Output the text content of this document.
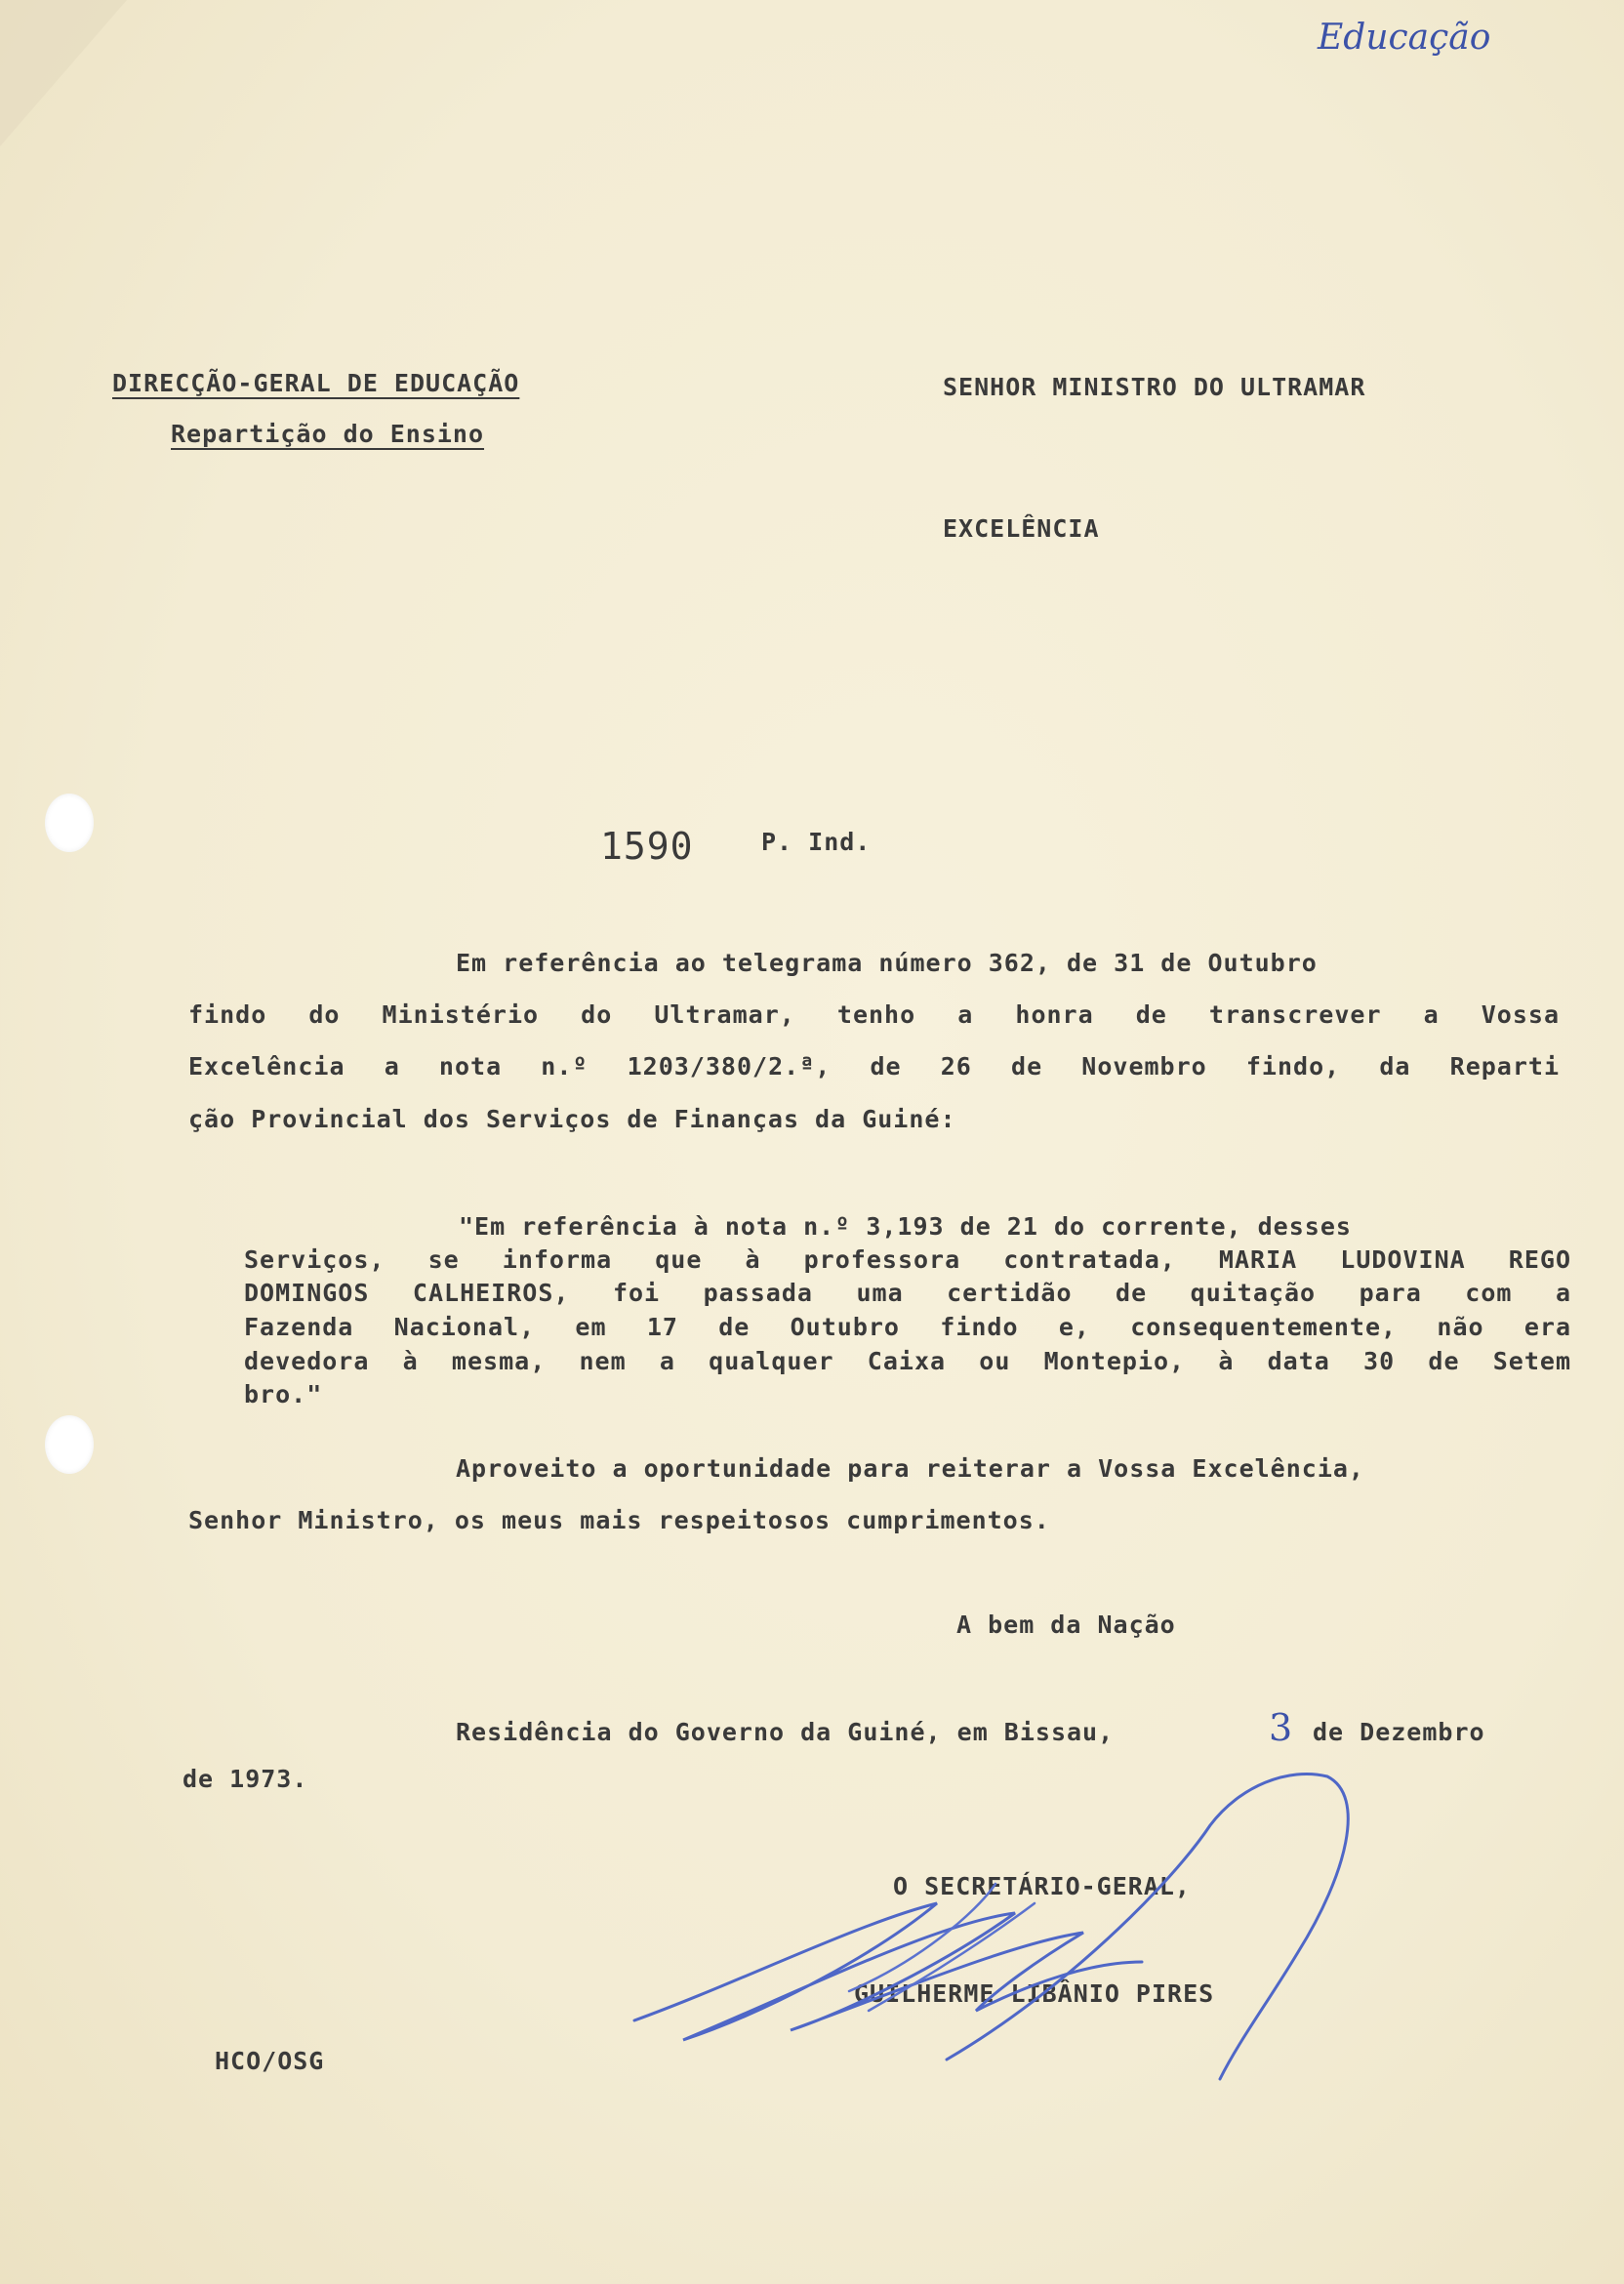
Educação
DIRECÇÃO-GERAL DE EDUCAÇÃO
Repartição do Ensino
SENHOR MINISTRO DO ULTRAMAR
EXCELÊNCIA
1590	P. Ind.
Em referência ao telegrama número 362, de 31 de Outubro
findo do Ministério do Ultramar, tenho a honra de transcrever a Vossa
Excelência a nota n.º 1203/380/2.ª, de 26 de Novembro findo, da Reparti
ção Provincial dos Serviços de Finanças da Guiné:
"Em referência à nota n.º 3,193 de 21 do corrente, desses
Serviços, se informa que à professora contratada, MARIA LUDOVINA REGO
DOMINGOS CALHEIROS, foi passada uma certidão de quitação para com a
Fazenda Nacional, em 17 de Outubro findo e, consequentemente, não era
devedora à mesma, nem a qualquer Caixa ou Montepio, à data 30 de Setem
bro."
Aproveito a oportunidade para reiterar a Vossa Excelência,
Senhor Ministro, os meus mais respeitosos cumprimentos.
A bem da Nação
Residência do Governo da Guiné, em Bissau,	3 de Dezembro
de 1973.
O SECRETÁRIO-GERAL,
GUILHERME LIBÂNIO PIRES
HCO/OSG
